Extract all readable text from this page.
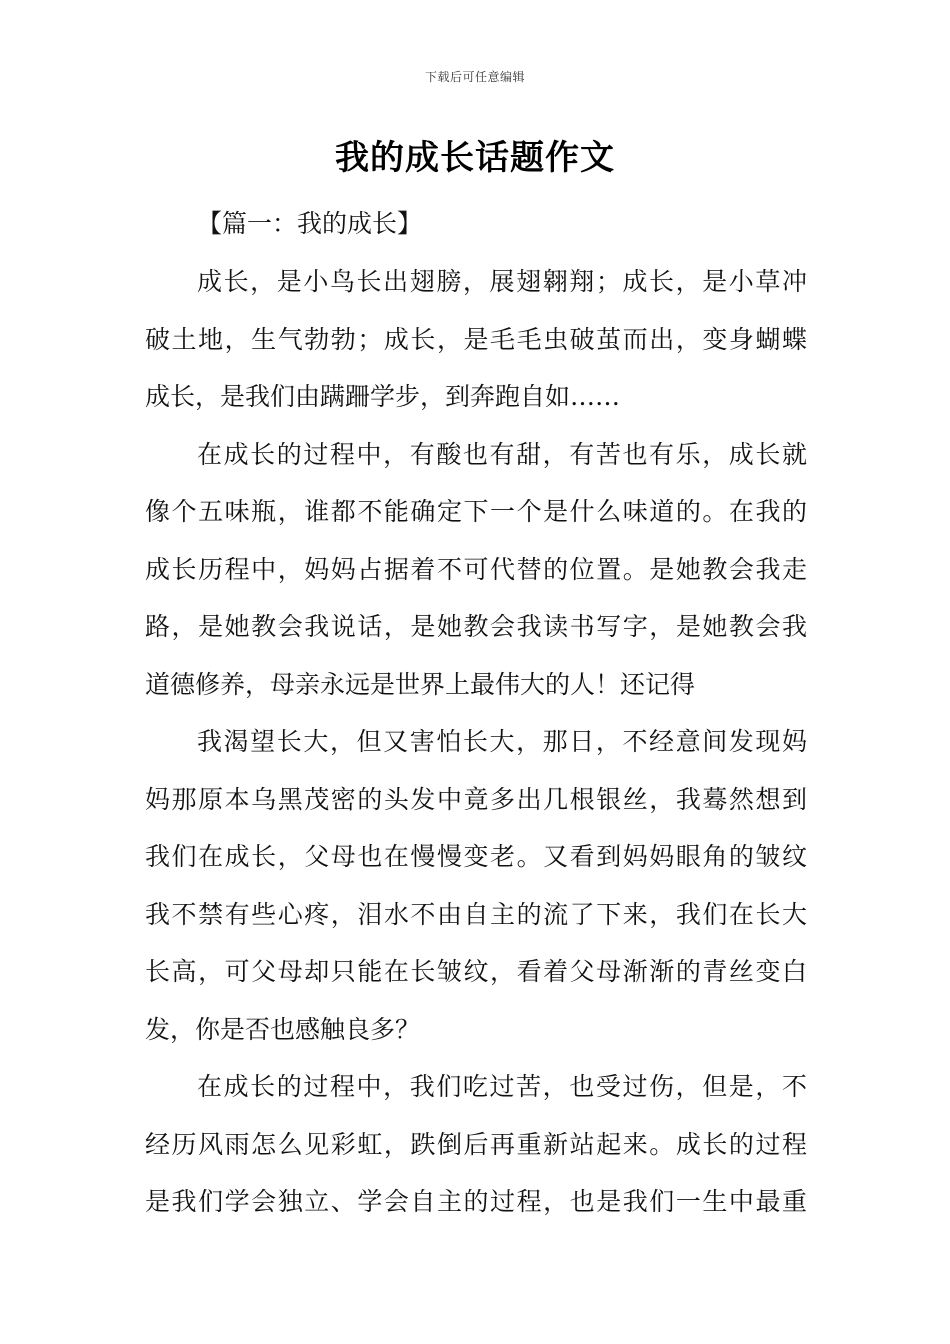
下载后可任意编辑
我的成长话题作文
【篇一：我的成长】
成长，是小鸟长出翅膀，展翅翱翔；成长，是小草冲
破土地，生气勃勃；成长，是毛毛虫破茧而出，变身蝴蝶
成长，是我们由蹒跚学步，到奔跑自如……
在成长的过程中，有酸也有甜，有苦也有乐，成长就
像个五味瓶，谁都不能确定下一个是什么味道的。在我的
成长历程中，妈妈占据着不可代替的位置。是她教会我走
路，是她教会我说话，是她教会我读书写字，是她教会我
道德修养，母亲永远是世界上最伟大的人！还记得
我渴望长大，但又害怕长大，那日，不经意间发现妈
妈那原本乌黑茂密的头发中竟多出几根银丝，我蓦然想到
我们在成长，父母也在慢慢变老。又看到妈妈眼角的皱纹
我不禁有些心疼，泪水不由自主的流了下来，我们在长大
长高，可父母却只能在长皱纹，看着父母渐渐的青丝变白
发，你是否也感触良多？
在成长的过程中，我们吃过苦，也受过伤，但是，不
经历风雨怎么见彩虹，跌倒后再重新站起来。成长的过程
是我们学会独立、学会自主的过程，也是我们一生中最重
